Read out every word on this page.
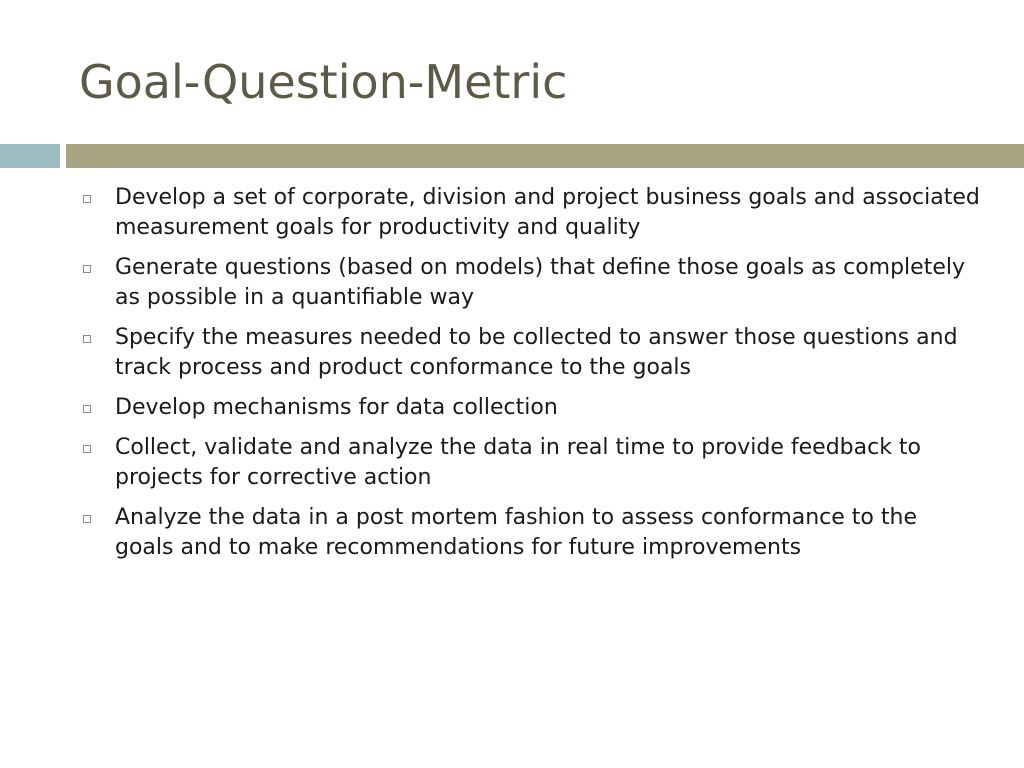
Goal-Question-Metric
Develop a set of corporate, division and project business goals and associated measurement goals for productivity and quality
Generate questions (based on models) that define those goals as completely as possible in a quantifiable way
Specify the measures needed to be collected to answer those questions and track process and product conformance to the goals
Develop mechanisms for data collection
Collect, validate and analyze the data in real time to provide feedback to projects for corrective action
Analyze the data in a post mortem fashion to assess conformance to the goals and to make recommendations for future improvements
